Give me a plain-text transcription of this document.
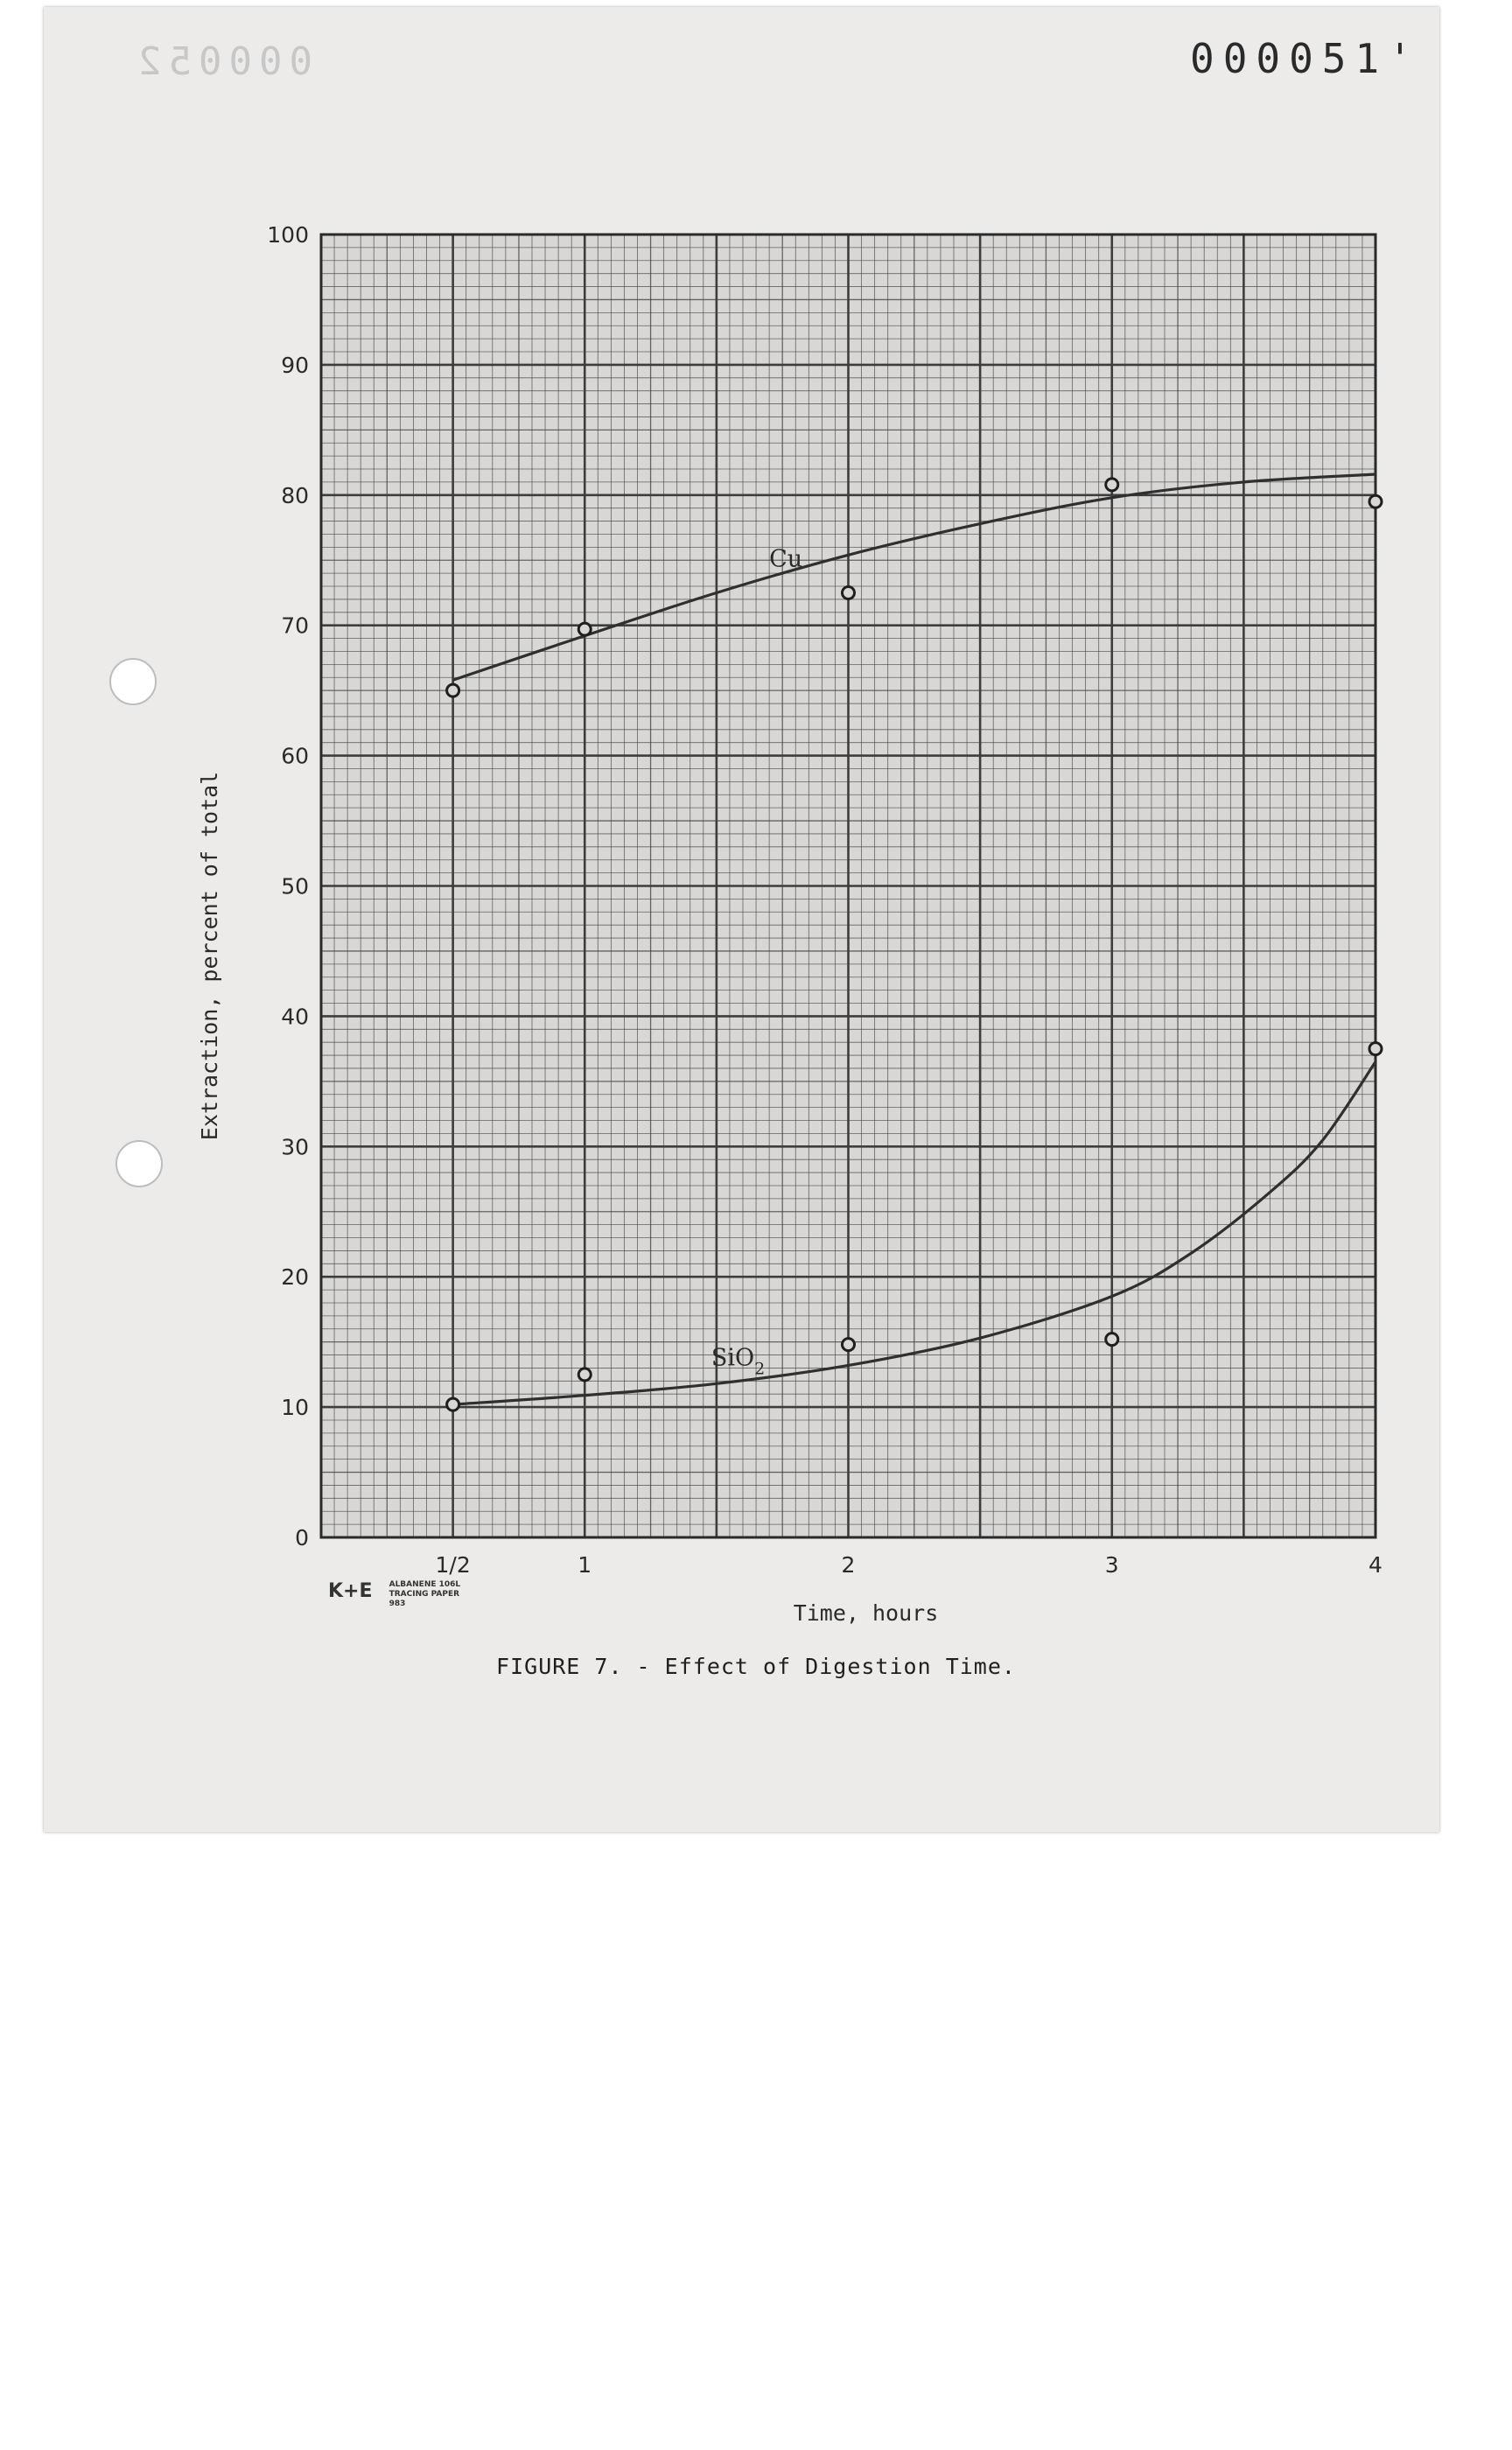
000052	000051'
0
10
20
30
40
50
60
70
80
90
100
1/2	1	2	3	4
Time, hours
Extraction, percent of total
Cu
SiO$_2$
K+E ALBANENE 106L
TRACING PAPER
983
FIGURE 7. - Effect of Digestion Time.
